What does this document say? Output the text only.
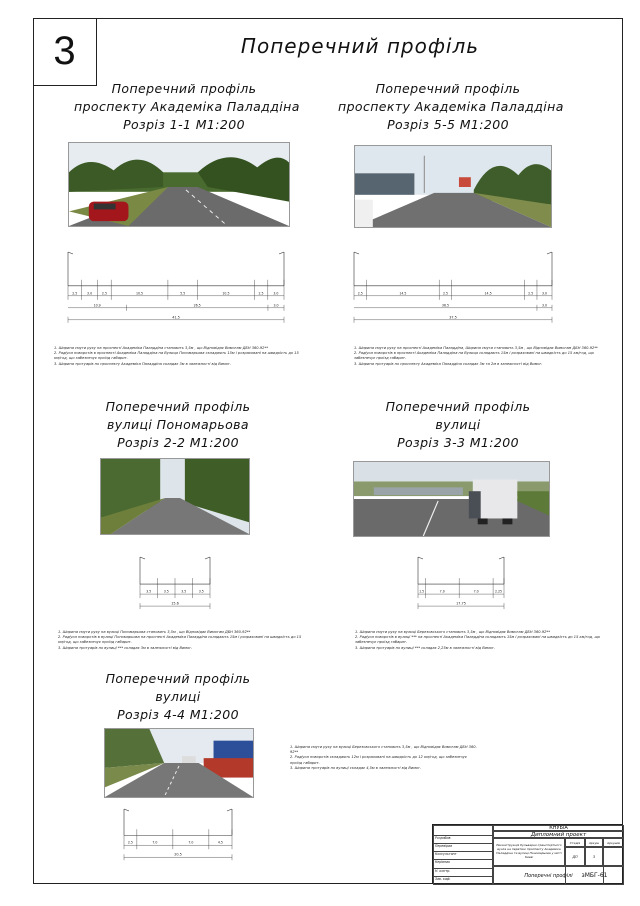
3	Поперечний профіль
Поперечний профіль
проспекту Академіка Паладдіна
Розріз 1-1 М1:200
2.5	3.0	2.5	10.5	5.5	10.5	2.5	3.0
10.9	26.5	3.0
41.5
1. Ширина смуги руху на проспекті Академіка Паладдіна становить 3,5м , що Відповідає Вимогам ДБН 360-92**
2. Радіуси поворотів в проспекті Академіка Паладдіна на Вулиця Пономарьова складають 15м і розраховані на швидкість до 15 км/год, що забезпечує проїзд габарит.
3. Ширина тротуарів по проспекту Академіка Паладдіна складає 3м в залежності від Вимог.
Поперечний профіль
проспекту Академіка Паладдіна
Розріз 5-5 М1:200
2.5	14.5	2.5	14.5	2.5	3.0
36.5	3.0
37.5
1. Ширина смуги руху на проспекті Академіка Паладдіна, Ширина смуги становить 3,5м , що Відповідає Вимогам ДБН 360-92**
2. Радіуси поворотів в проспекті Академіка Паладдіна на Вулиця складають 15м і розраховані на швидкість до 15 км/год, що забезпечує проїзд габарит.
3. Ширина тротуарів по проспекту Академіка Паладдіна складає 3м та 2м в залежності від Вимог.
Поперечний профіль
вулиці Пономарьова
Розріз 2-2 М1:200
3.5	3.5	3.5	3.5
15.6
1. Ширина смуги руху на вулиці Пономарьова становить 3,5м , що Відповідає Вимогам ДБН 360-92**
2. Радіуси поворотів в вулиці Пономарьова на проспекті Академіка Паладдіна складають 15м і розраховані на швидкість до 15 км/год, що забезпечує проїзд габарит.
3. Ширина тротуарів по вулиці *** складає 3м в залежності від Вимог.
Поперечний профіль
вулиці
Розріз 3-3 М1:200
1.5	7.0	7.0	2.25
17.75
1. Ширина смуги руху на вулиці Березовського становить 3,5м , що Відповідає Вимогам ДБН 360-92**
2. Радіуси поворотів в вулиці *** на проспекті Академіка Паладдіна складають 15м і розраховані на швидкість до 15 км/год, що забезпечує проїзд габарит.
3. Ширина тротуарів по вулиці *** складає 2,25м в залежності від Вимог.
Поперечний профіль
вулиці
Розріз 4-4 М1:200
2.5	7.0	7.0	4.5
20.5
1. Ширина смуги руху на вулиці Березовського становить 3,5м , що Відповідає Вимогам ДБН 360-92**
2. Радіуси поворотів складають 12м і розраховані на швидкість до 12 км/год, що забезпечує проїзд габарит.
3. Ширина тротуарів по вулиці складає 4,5м в залежності від Вимог.
Розробив
Перевірив
Консультант
Керівник
Н. контр.
Зав. каф.
КНУБіА
Дипломний проект
Реконструкція бульварно-транспортного вузла на перетині проспекту Академіка Паладдіна та вулиці Пономарьова у місті Києві
Стадія	Аркуш	Аркушів
ДП	3
Поперечні профілі	зМБГ-61
